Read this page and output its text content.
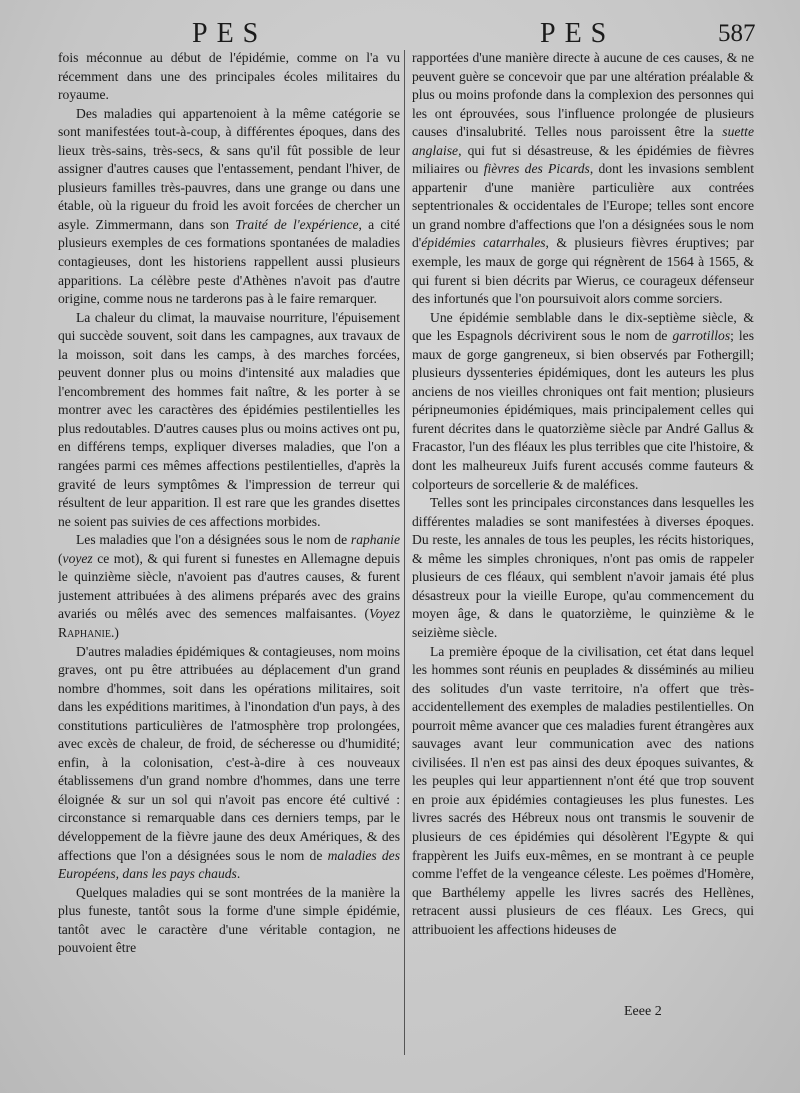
PES	PES	587

fois méconnue au début de l'épidémie, comme on l'a vu récemment dans une des principales écoles militaires du royaume.

Des maladies qui appartenoient à la même catégorie se sont manifestées tout-à-coup, à différentes époques, dans des lieux très-sains, très-secs, & sans qu'il fût possible de leur assigner d'autres causes que l'entassement, pendant l'hiver, de plusieurs familles très-pauvres, dans une grange ou dans une étable, où la rigueur du froid les avoit forcées de chercher un asyle. Zimmermann, dans son Traité de l'expérience, a cité plusieurs exemples de ces formations spontanées de maladies contagieuses, dont les historiens rappellent aussi plusieurs apparitions. La célèbre peste d'Athènes n'avoit pas d'autre origine, comme nous ne tarderons pas à le faire remarquer.

La chaleur du climat, la mauvaise nourriture, l'épuisement qui succède souvent, soit dans les campagnes, aux travaux de la moisson, soit dans les camps, à des marches forcées, peuvent donner plus ou moins d'intensité aux maladies que l'encombrement des hommes fait naître, & les porter à se montrer avec les caractères des épidémies pestilentielles les plus redoutables. D'autres causes plus ou moins actives ont pu, en différens temps, expliquer diverses maladies, que l'on a rangées parmi ces mêmes affections pestilentielles, d'après la gravité de leurs symptômes & l'impression de terreur qui résultent de leur apparition. Il est rare que les grandes disettes ne soient pas suivies de ces affections morbides.

Les maladies que l'on a désignées sous le nom de raphanie (voyez ce mot), & qui furent si funestes en Allemagne depuis le quinzième siècle, n'avoient pas d'autres causes, & furent justement attribuées à des alimens préparés avec des grains avariés ou mêlés avec des semences malfaisantes. (Voyez Raphanie.)

D'autres maladies épidémiques & contagieuses, nom moins graves, ont pu être attribuées au déplacement d'un grand nombre d'hommes, soit dans les opérations militaires, soit dans les expéditions maritimes, à l'inondation d'un pays, à des constitutions particulières de l'atmosphère trop prolongées, avec excès de chaleur, de froid, de sécheresse ou d'humidité; enfin, à la colonisation, c'est-à-dire à ces nouveaux établissemens d'un grand nombre d'hommes, dans une terre éloignée & sur un sol qui n'avoit pas encore été cultivé : circonstance si remarquable dans ces derniers temps, par le développement de la fièvre jaune des deux Amériques, & des affections que l'on a désignées sous le nom de maladies des Européens, dans les pays chauds.

Quelques maladies qui se sont montrées de la manière la plus funeste, tantôt sous la forme d'une simple épidémie, tantôt avec le caractère d'une véritable contagion, ne pouvoient être

rapportées d'une manière directe à aucune de ces causes, & ne peuvent guère se concevoir que par une altération préalable & plus ou moins profonde dans la complexion des personnes qui les ont éprouvées, sous l'influence prolongée de plusieurs causes d'insalubrité. Telles nous paroissent être la suette anglaise, qui fut si désastreuse, & les épidémies de fièvres miliaires ou fièvres des Picards, dont les invasions semblent appartenir d'une manière particulière aux contrées septentrionales & occidentales de l'Europe; telles sont encore un grand nombre d'affections que l'on a désignées sous le nom d'épidémies catarrhales, & plusieurs fièvres éruptives; par exemple, les maux de gorge qui régnèrent de 1564 à 1565, & qui furent si bien décrits par Wierus, ce courageux défenseur des infortunés que l'on poursuivoit alors comme sorciers.

Une épidémie semblable dans le dix-septième siècle, & que les Espagnols décrivirent sous le nom de garrotillos; les maux de gorge gangreneux, si bien observés par Fothergill; plusieurs dyssenteries épidémiques, dont les auteurs les plus anciens de nos vieilles chroniques ont fait mention; plusieurs péripneumonies épidémiques, mais principalement celles qui furent décrites dans le quatorzième siècle par André Gallus & Fracastor, l'un des fléaux les plus terribles que cite l'histoire, & dont les malheureux Juifs furent accusés comme fauteurs & colporteurs de sorcellerie & de maléfices.

Telles sont les principales circonstances dans lesquelles les différentes maladies se sont manifestées à diverses époques. Du reste, les annales de tous les peuples, les récits historiques, & même les simples chroniques, n'ont pas omis de rappeler plusieurs de ces fléaux, qui semblent n'avoir jamais été plus désastreux pour la vieille Europe, qu'au commencement du moyen âge, & dans le quatorzième, le quinzième & le seizième siècle.

La première époque de la civilisation, cet état dans lequel les hommes sont réunis en peuplades & disséminés au milieu des solitudes d'un vaste territoire, n'a offert que très-accidentellement des exemples de maladies pestilentielles. On pourroit même avancer que ces maladies furent étrangères aux sauvages avant leur communication avec des nations civilisées. Il n'en est pas ainsi des deux époques suivantes, & les peuples qui leur appartiennent n'ont été que trop souvent en proie aux épidémies contagieuses les plus funestes. Les livres sacrés des Hébreux nous ont transmis le souvenir de plusieurs de ces épidémies qui désolèrent l'Egypte & qui frappèrent les Juifs eux-mêmes, en se montrant à ce peuple comme l'effet de la vengeance céleste. Les poëmes d'Homère, que Barthélemy appelle les livres sacrés des Hellènes, retracent aussi plusieurs de ces fléaux. Les Grecs, qui attribuoient les affections hideuses de

Eeee 2
